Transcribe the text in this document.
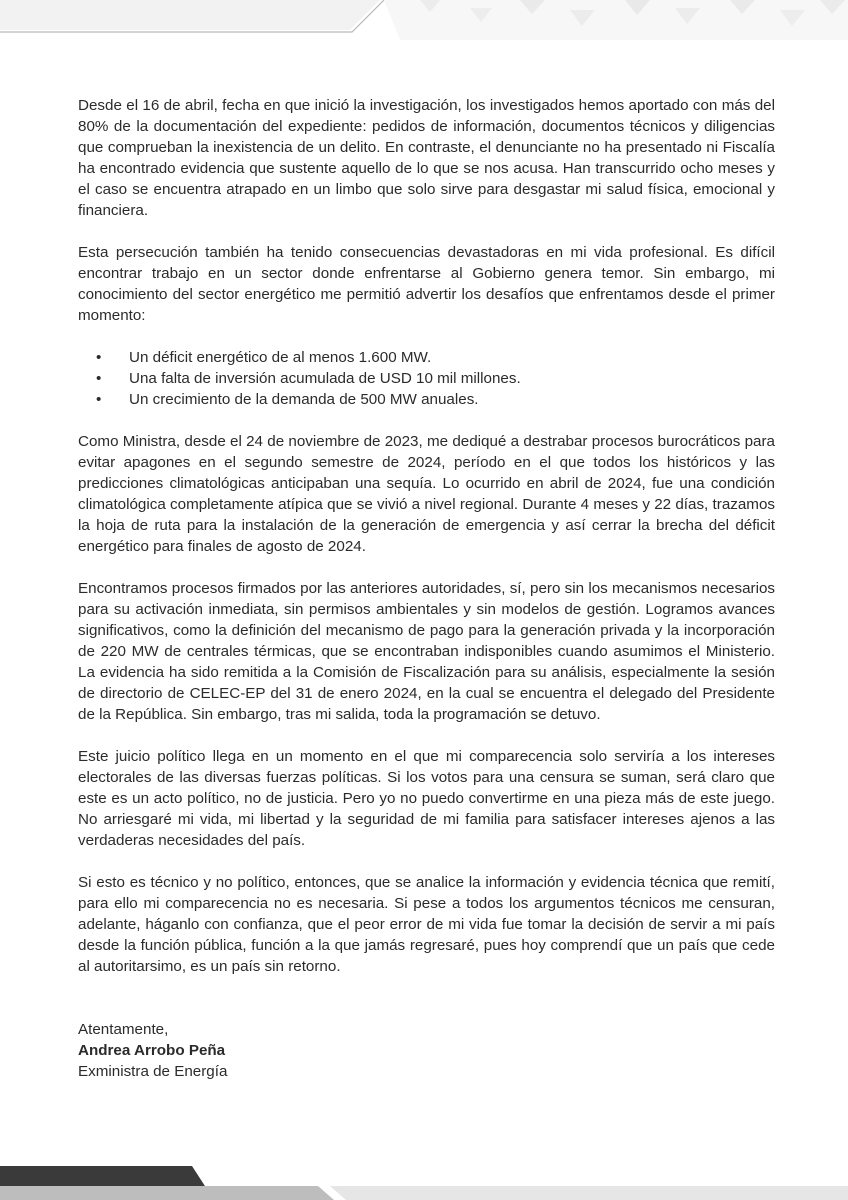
Desde el 16 de abril, fecha en que inició la investigación, los investigados hemos aportado con más del 80% de la documentación del expediente: pedidos de información, documentos técnicos y diligencias que comprueban la inexistencia de un delito. En contraste, el denunciante no ha presentado ni Fiscalía ha encontrado evidencia que sustente aquello de lo que se nos acusa. Han transcurrido ocho meses y el caso se encuentra atrapado en un limbo que solo sirve para desgastar mi salud física, emocional y financiera.

Esta persecución también ha tenido consecuencias devastadoras en mi vida profesional. Es difícil encontrar trabajo en un sector donde enfrentarse al Gobierno genera temor. Sin embargo, mi conocimiento del sector energético me permitió advertir los desafíos que enfrentamos desde el primer momento:

• Un déficit energético de al menos 1.600 MW.
• Una falta de inversión acumulada de USD 10 mil millones.
• Un crecimiento de la demanda de 500 MW anuales.

Como Ministra, desde el 24 de noviembre de 2023, me dediqué a destrabar procesos burocráticos para evitar apagones en el segundo semestre de 2024, período en el que todos los históricos y las predicciones climatológicas anticipaban una sequía. Lo ocurrido en abril de 2024, fue una condición climatológica completamente atípica que se vivió a nivel regional. Durante 4 meses y 22 días, trazamos la hoja de ruta para la instalación de la generación de emergencia y así cerrar la brecha del déficit energético para finales de agosto de 2024.

Encontramos procesos firmados por las anteriores autoridades, sí, pero sin los mecanismos necesarios para su activación inmediata, sin permisos ambientales y sin modelos de gestión. Logramos avances significativos, como la definición del mecanismo de pago para la generación privada y la incorporación de 220 MW de centrales térmicas, que se encontraban indisponibles cuando asumimos el Ministerio. La evidencia ha sido remitida a la Comisión de Fiscalización para su análisis, especialmente la sesión de directorio de CELEC-EP del 31 de enero 2024, en la cual se encuentra el delegado del Presidente de la República. Sin embargo, tras mi salida, toda la programación se detuvo.

Este juicio político llega en un momento en el que mi comparecencia solo serviría a los intereses electorales de las diversas fuerzas políticas. Si los votos para una censura se suman, será claro que este es un acto político, no de justicia. Pero yo no puedo convertirme en una pieza más de este juego. No arriesgaré mi vida, mi libertad y la seguridad de mi familia para satisfacer intereses ajenos a las verdaderas necesidades del país.

Si esto es técnico y no político, entonces, que se analice la información y evidencia técnica que remití, para ello mi comparecencia no es necesaria. Si pese a todos los argumentos técnicos me censuran, adelante, háganlo con confianza, que el peor error de mi vida fue tomar la decisión de servir a mi país desde la función pública, función a la que jamás regresaré, pues hoy comprendí que un país que cede al autoritarsimo, es un país sin retorno.

Atentamente,
Andrea Arrobo Peña
Exministra de Energía
